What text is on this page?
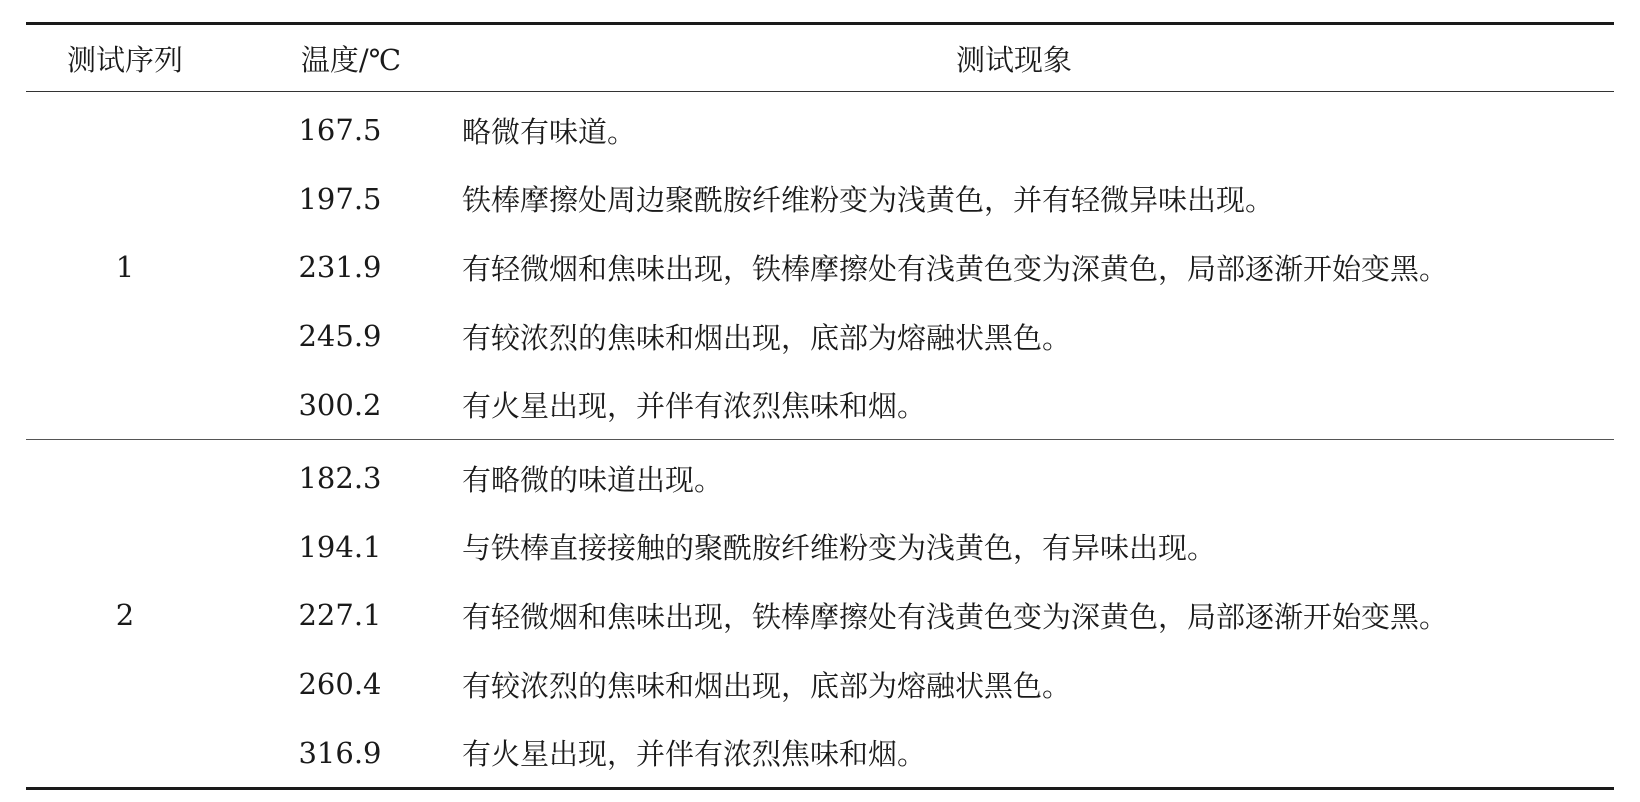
测试序列	温度/℃	测试现象
1	167.5	略微有味道。
	197.5	铁棒摩擦处周边聚酰胺纤维粉变为浅黄色，并有轻微异味出现。
	231.9	有轻微烟和焦味出现，铁棒摩擦处有浅黄色变为深黄色，局部逐渐开始变黑。
	245.9	有较浓烈的焦味和烟出现，底部为熔融状黑色。
	300.2	有火星出现，并伴有浓烈焦味和烟。
2	182.3	有略微的味道出现。
	194.1	与铁棒直接接触的聚酰胺纤维粉变为浅黄色，有异味出现。
	227.1	有轻微烟和焦味出现，铁棒摩擦处有浅黄色变为深黄色，局部逐渐开始变黑。
	260.4	有较浓烈的焦味和烟出现，底部为熔融状黑色。
	316.9	有火星出现，并伴有浓烈焦味和烟。
